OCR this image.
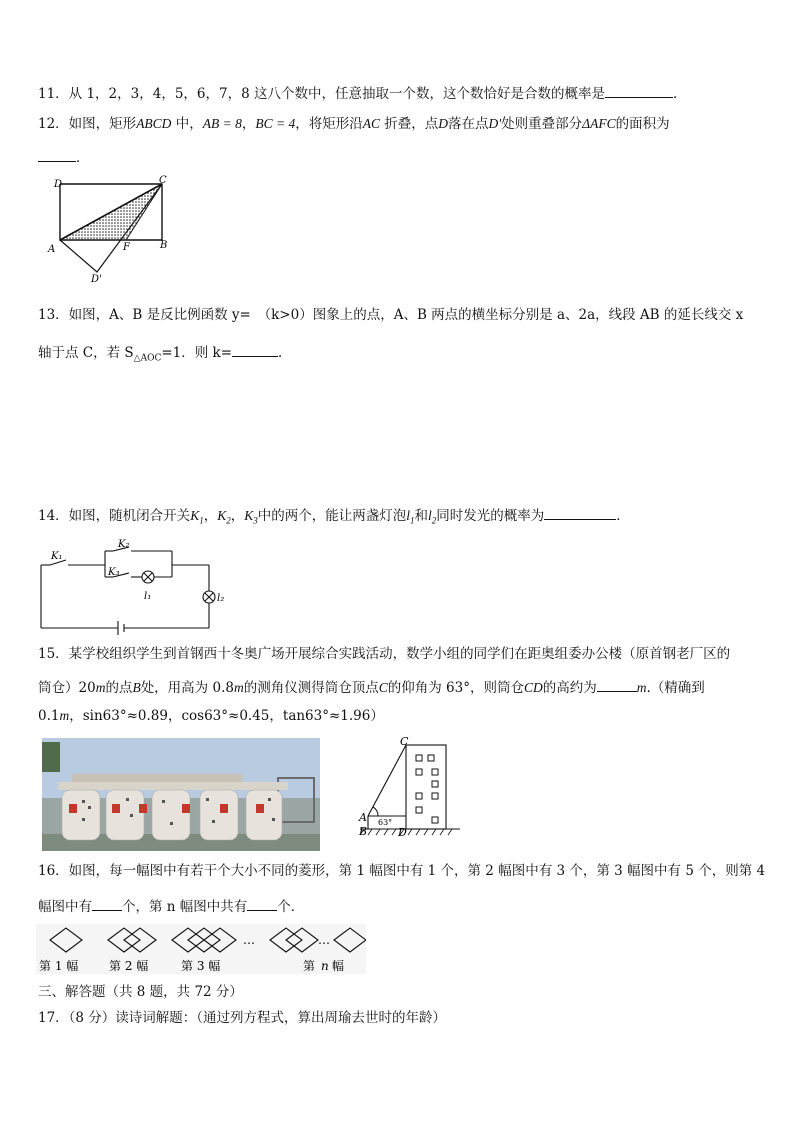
11．从 1，2，3，4，5，6，7，8 这八个数中，任意抽取一个数，这个数恰好是合数的概率是	．
12．如图，矩形ABCD 中，AB = 8，BC = 4，将矩形沿AC 折叠，点D落在点D'处则重叠部分ΔAFC的面积为
．
D	C
A	B
F
D'
13．如图，A、B 是反比例函数 y=　（k>0）图象上的点，A、B 两点的横坐标分别是 a、2a，线段 AB 的延长线交 x
轴于点 C，若 $S_{\triangle AOC}=1$．则 k=	．
14．如图，随机闭合开关$K_1$，$K_2$，$K_3$中的两个，能让两盏灯泡$l_1$和$l_2$同时发光的概率为	．
K₁
K₂
K₃
l₁	l₂
15．某学校组织学生到首钢西十冬奥广场开展综合实践活动，数学小组的同学们在距奥组委办公楼（原首钢老厂区的
筒仓）20m的点B处，用高为 0.8m的测角仪测得筒仓顶点C的仰角为 63°，则筒仓CD的高约为	m.（精确到
0.1m，sin63°≈0.89，cos63°≈0.45，tan63°≈1.96）
C
A
B	D
63°
16．如图，每一幅图中有若干个大小不同的菱形，第 1 幅图中有 1 个，第 2 幅图中有 3 个，第 3 幅图中有 5 个，则第 4
幅图中有 个，第 n 幅图中共有 个．
…	…
第 1 幅	第 2 幅	第 3 幅	第 n 幅
三、解答题（共 8 题，共 72 分）
17．（8 分）读诗词解题：（通过列方程式，算出周瑜去世时的年龄）
